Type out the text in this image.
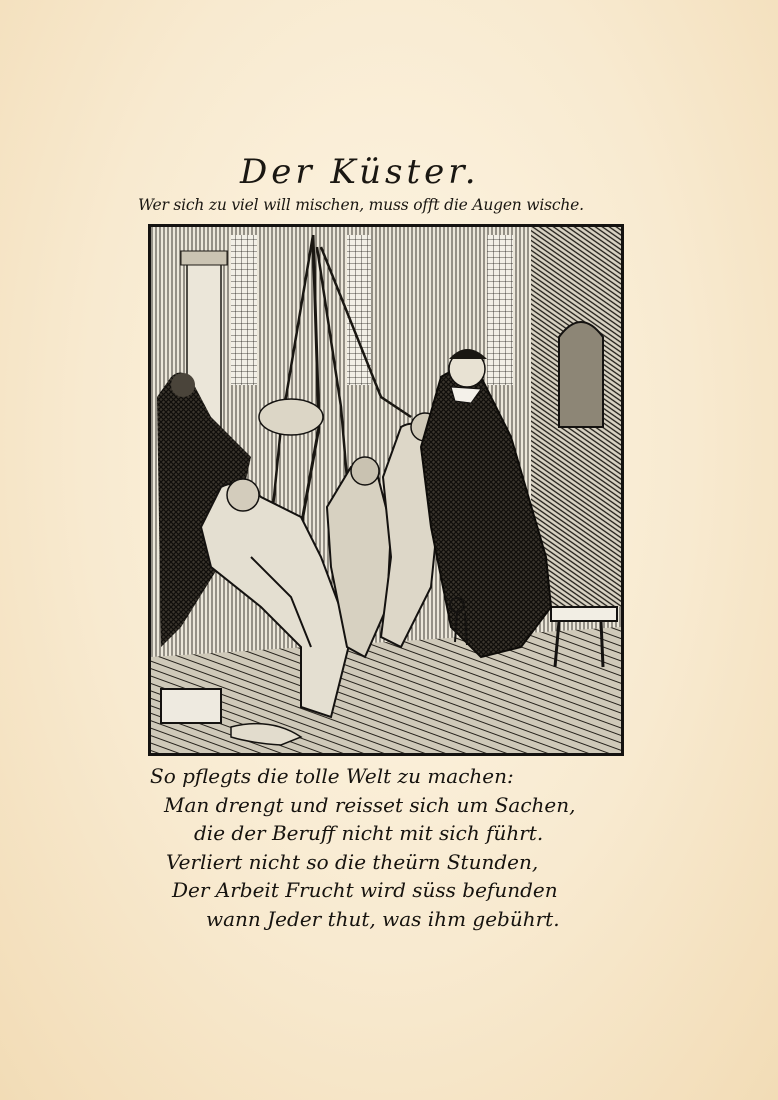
Der Küster.
Wer sich zu viel will mischen, muss offt die Augen wische.
So pflegts die tolle Welt zu machen:
Man drengt und reisset sich um Sachen,
die der Beruff nicht mit sich führt.
Verliert nicht so die theürn Stunden,
Der Arbeit Frucht wird süss befunden
wann Jeder thut, was ihm gebührt.
